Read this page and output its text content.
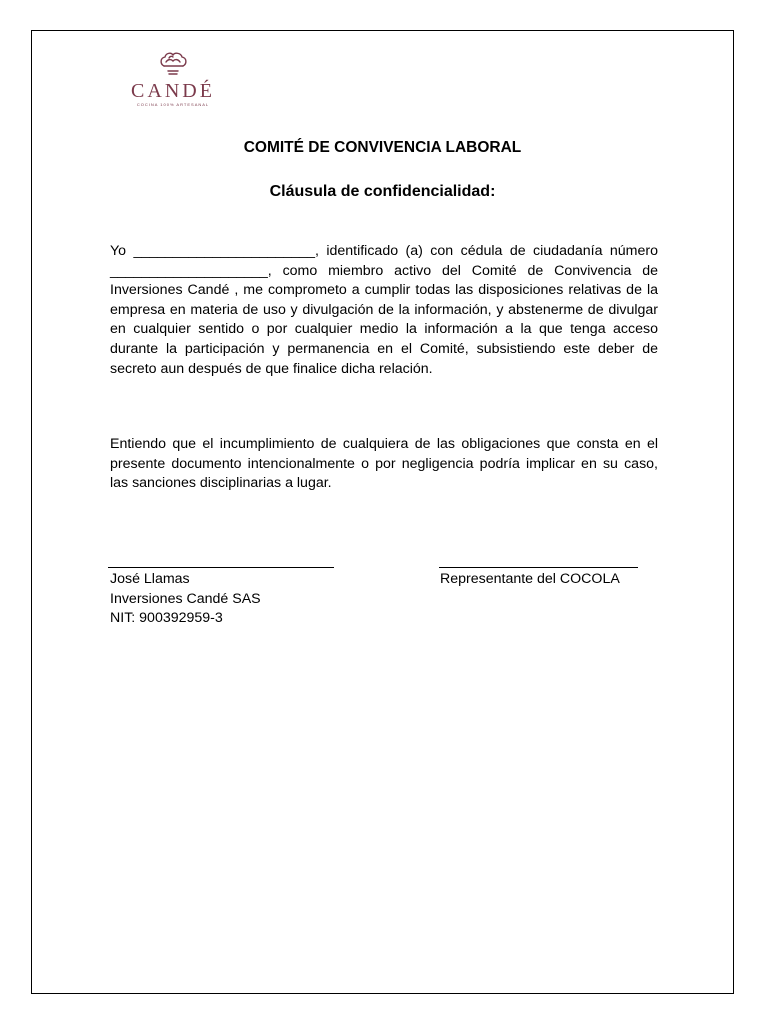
CANDÉ
COCINA 100% ARTESANAL
COMITÉ DE CONVIVENCIA LABORAL
Cláusula de confidencialidad:

Yo _______________________, identificado (a) con cédula de ciudadanía número ____________________, como miembro activo del Comité de Convivencia de Inversiones Candé , me comprometo a cumplir todas las disposiciones relativas de la empresa en materia de uso y divulgación de la información, y abstenerme de divulgar en cualquier sentido o por cualquier medio la información a la que tenga acceso durante la participación y permanencia en el Comité, subsistiendo este deber de secreto aun después de que finalice dicha relación.

Entiendo que el incumplimiento de cualquiera de las obligaciones que consta en el presente documento intencionalmente o por negligencia podría implicar en su caso, las sanciones disciplinarias a lugar.

José Llamas
Inversiones Candé SAS
NIT: 900392959-3
Representante del COCOLA
